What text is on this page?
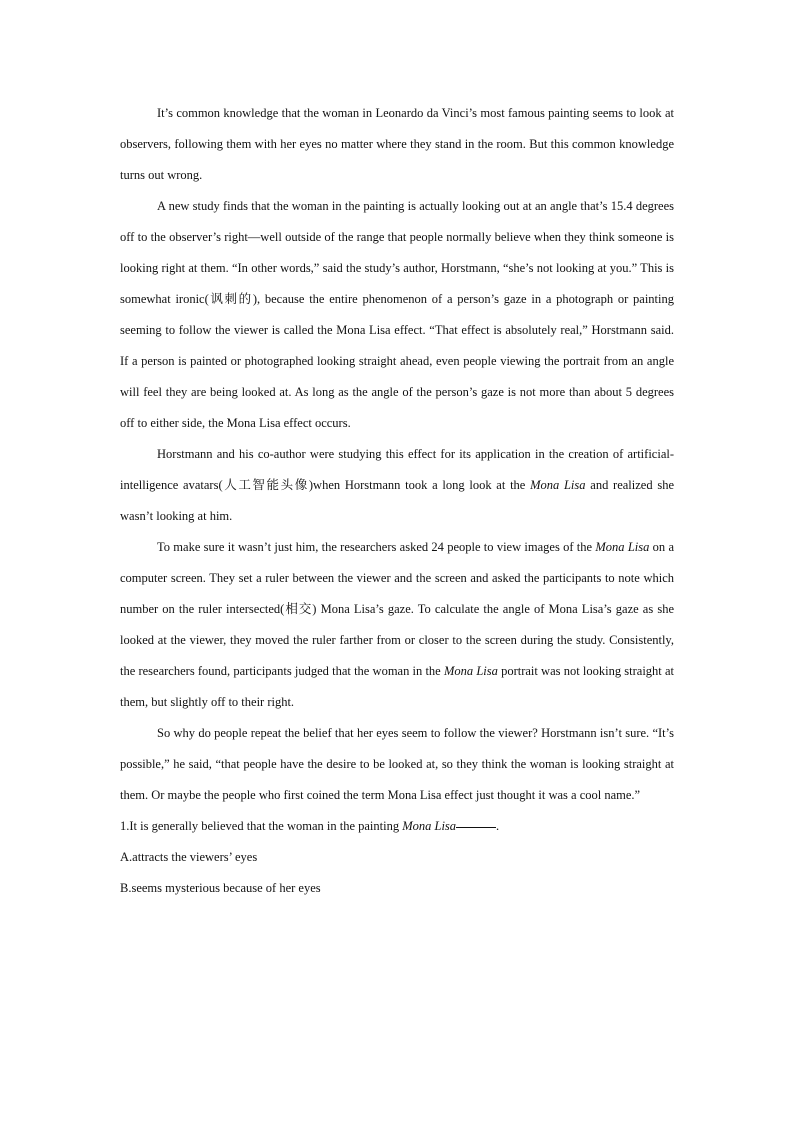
It’s common knowledge that the woman in Leonardo da Vinci’s most famous painting seems to look at observers, following them with her eyes no matter where they stand in the room. But this common knowledge turns out wrong.

A new study finds that the woman in the painting is actually looking out at an angle that’s 15.4 degrees off to the observer’s right—well outside of the range that people normally believe when they think someone is looking right at them. “In other words,” said the study’s author, Horstmann, “she’s not looking at you.” This is somewhat ironic(讽刺的), because the entire phenomenon of a person’s gaze in a photograph or painting seeming to follow the viewer is called the Mona Lisa effect. “That effect is absolutely real,” Horstmann said. If a person is painted or photographed looking straight ahead, even people viewing the portrait from an angle will feel they are being looked at. As long as the angle of the person’s gaze is not more than about 5 degrees off to either side, the Mona Lisa effect occurs.

Horstmann and his co-author were studying this effect for its application in the creation of artificial-intelligence avatars(人工智能头像)when Horstmann took a long look at the Mona Lisa and realized she wasn’t looking at him.

To make sure it wasn’t just him, the researchers asked 24 people to view images of the Mona Lisa on a computer screen. They set a ruler between the viewer and the screen and asked the participants to note which number on the ruler intersected(相交) Mona Lisa’s gaze. To calculate the angle of Mona Lisa’s gaze as she looked at the viewer, they moved the ruler farther from or closer to the screen during the study. Consistently, the researchers found, participants judged that the woman in the Mona Lisa portrait was not looking straight at them, but slightly off to their right.

So why do people repeat the belief that her eyes seem to follow the viewer? Horstmann isn’t sure. “It’s possible,” he said, “that people have the desire to be looked at, so they think the woman is looking straight at them. Or maybe the people who first coined the term Mona Lisa effect just thought it was a cool name.”

1.It is generally believed that the woman in the painting Mona Lisa	.

A.attracts the viewers’ eyes

B.seems mysterious because of her eyes
